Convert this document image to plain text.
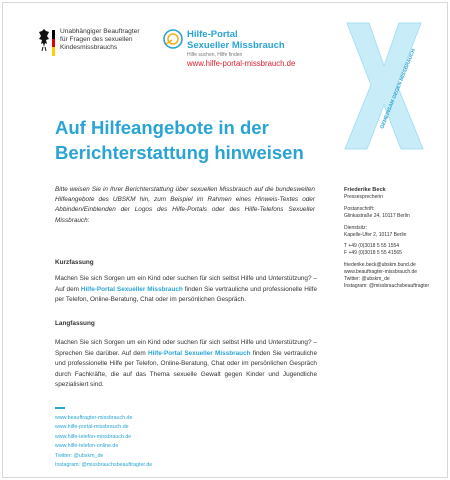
Unabhängiger Beauftragter
für Fragen des sexuellen
Kindesmissbrauchs
Hilfe-Portal
Sexueller Missbrauch
Hilfe suchen, Hilfe finden
www.hilfe-portal-missbrauch.de	GEMEINSAM GEGEN MISSBRAUCH
Auf Hilfeangebote in der
Berichterstattung hinweisen
Bitte weisen Sie in Ihrer Berichterstattung über sexuellen Missbrauch auf die bundesweiten Hilfeangebote des UBSKM hin, zum Beispiel im Rahmen eines Hinweis-Textes oder Abbinden/Einblenden der Logos des Hilfe-Portals oder des Hilfe-Telefons Sexueller Missbrauch:
Kurzfassung
Machen Sie sich Sorgen um ein Kind oder suchen für sich selbst Hilfe und Unterstützung? – Auf dem Hilfe-Portal Sexueller Missbrauch finden Sie vertrauliche und professionelle Hilfe per Telefon, Online-Beratung, Chat oder im persönlichen Gespräch.
Langfassung
Machen Sie sich Sorgen um ein Kind oder suchen für sich selbst Hilfe und Unterstützung? – Sprechen Sie darüber. Auf dem Hilfe-Portal Sexueller Missbrauch finden Sie vertrauliche und professionelle Hilfe per Telefon, Online-Beratung, Chat oder im persönlichen Gespräch durch Fachkräfte, die auf das Thema sexuelle Gewalt gegen Kinder und Jugendliche spezialisiert sind.
Friederike Beck
Pressesprecherin
Postanschrift:
Glinkastraße 24, 10117 Berlin
Dienstsitz:
Kapelle-Ufer 2, 10117 Berlin
T +49 (0)3018 5 55 1554
F +49 (0)3018 5 55 41565
friederike.beck@ubskm.bund.de
www.beauftragter-missbrauch.de
Twitter: @ubskm_de
Instagram: @missbrauchsbeauftragter
www.beauftragter-missbrauch.de
www.hilfe-portal-missbrauch.de
www.hilfe-telefon-missbrauch.de
www.hilfe-telefon-online.de
Twitter: @ubskm_de
Instagram: @missbrauchsbeauftragter.de
